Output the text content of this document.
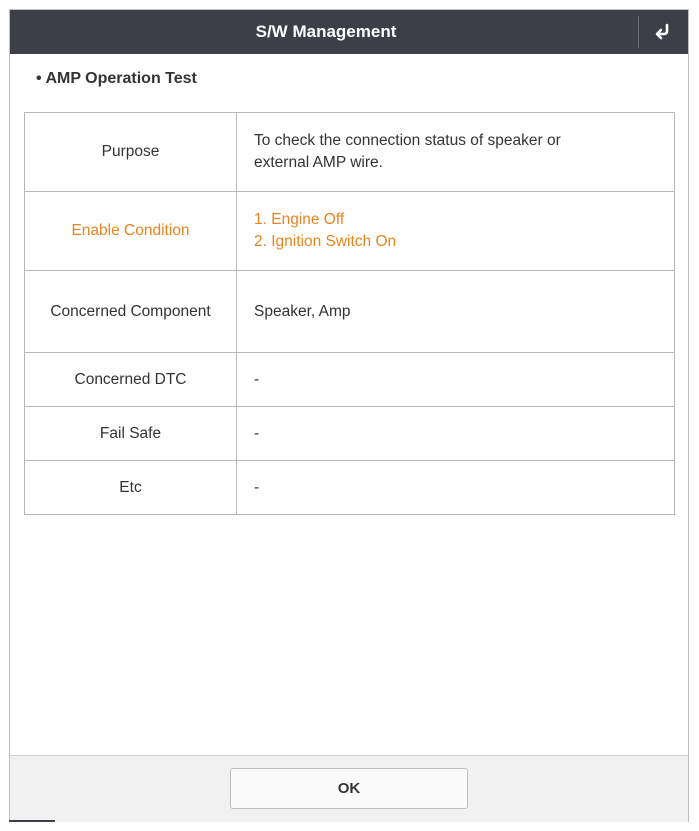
S/W Management
• AMP Operation Test
Purpose	To check the connection status of speaker or
external AMP wire.

Enable Condition	1. Engine Off
2. Ignition Switch On

Concerned Component	Speaker, Amp

Concerned DTC	-

Fail Safe	-

Etc	-
OK
